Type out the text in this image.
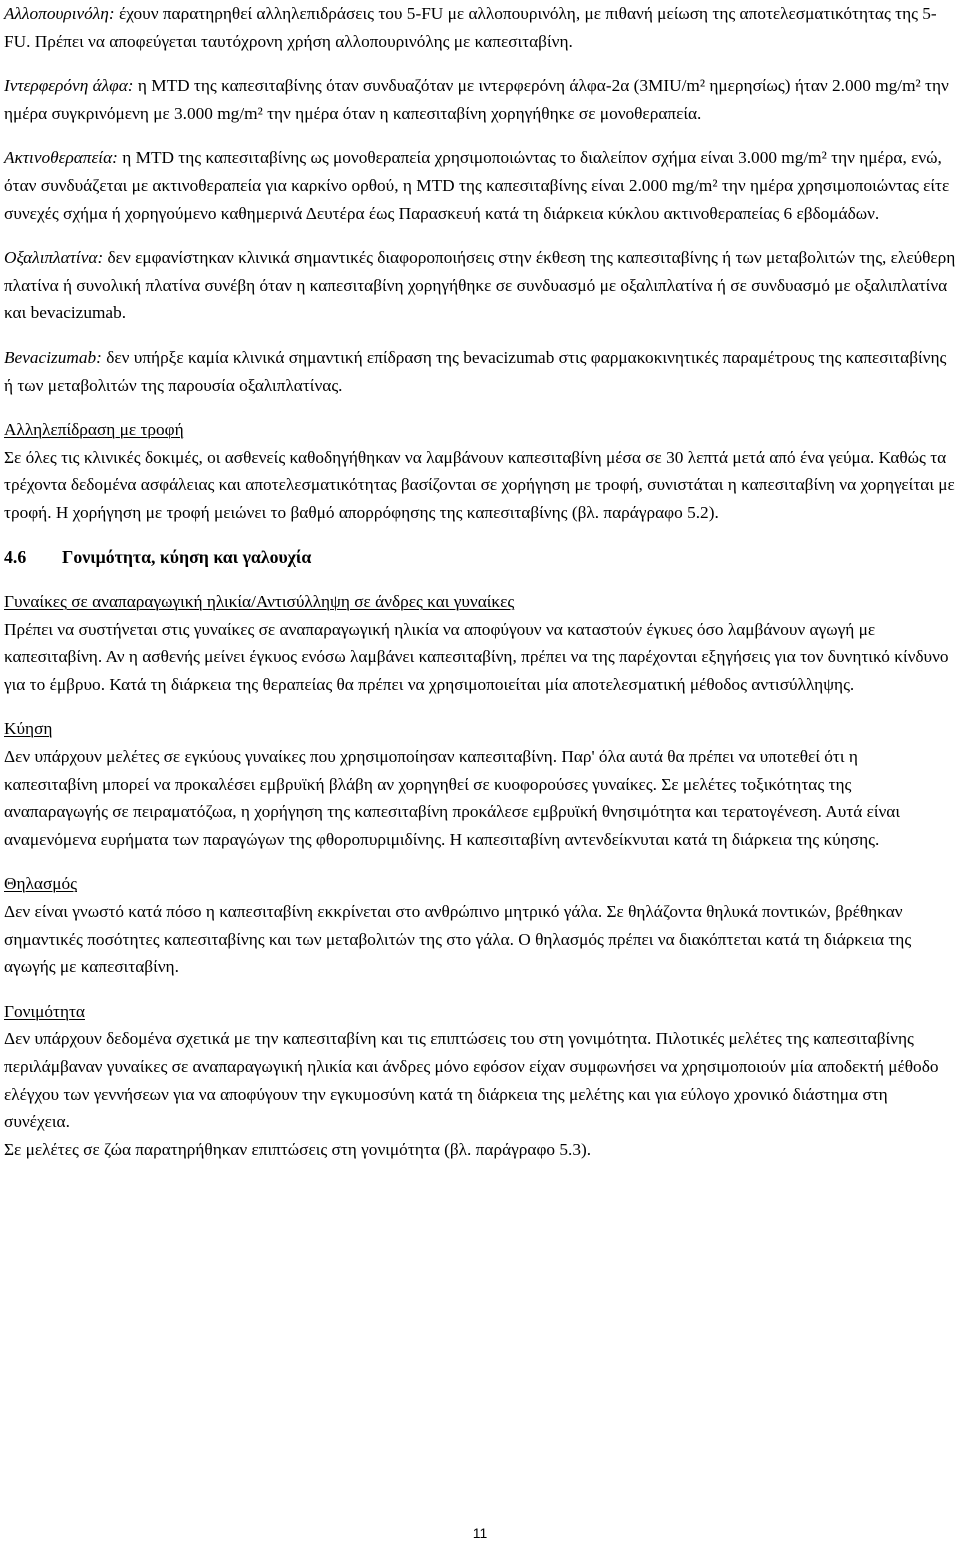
Αλλοπουρινόλη: έχουν παρατηρηθεί αλληλεπιδράσεις του 5-FU με αλλοπουρινόλη, με πιθανή μείωση της αποτελεσματικότητας της 5-FU. Πρέπει να αποφεύγεται ταυτόχρονη χρήση αλλοπουρινόλης με καπεσιταβίνη.

Ιντερφερόνη άλφα: η MTD της καπεσιταβίνης όταν συνδυαζόταν με ιντερφερόνη άλφα-2α (3MIU/m² ημερησίως) ήταν 2.000 mg/m² την ημέρα συγκρινόμενη με 3.000 mg/m² την ημέρα όταν η καπεσιταβίνη χορηγήθηκε σε μονοθεραπεία.

Ακτινοθεραπεία: η MTD της καπεσιταβίνης ως μονοθεραπεία χρησιμοποιώντας το διαλείπον σχήμα είναι 3.000 mg/m² την ημέρα, ενώ, όταν συνδυάζεται με ακτινοθεραπεία για καρκίνο ορθού, η MTD της καπεσιταβίνης είναι 2.000 mg/m² την ημέρα χρησιμοποιώντας είτε συνεχές σχήμα ή χορηγούμενο καθημερινά Δευτέρα έως Παρασκευή κατά τη διάρκεια κύκλου ακτινοθεραπείας 6 εβδομάδων.

Οξαλιπλατίνα: δεν εμφανίστηκαν κλινικά σημαντικές διαφοροποιήσεις στην έκθεση της καπεσιταβίνης ή των μεταβολιτών της, ελεύθερη πλατίνα ή συνολική πλατίνα συνέβη όταν η καπεσιταβίνη χορηγήθηκε σε συνδυασμό με οξαλιπλατίνα ή σε συνδυασμό με οξαλιπλατίνα και bevacizumab.

Bevacizumab: δεν υπήρξε καμία κλινικά σημαντική επίδραση της bevacizumab στις φαρμακοκινητικές παραμέτρους της καπεσιταβίνης ή των μεταβολιτών της παρουσία οξαλιπλατίνας.

Αλληλεπίδραση με τροφή

Σε όλες τις κλινικές δοκιμές, οι ασθενείς καθοδηγήθηκαν να λαμβάνουν καπεσιταβίνη μέσα σε 30 λεπτά μετά από ένα γεύμα. Καθώς τα τρέχοντα δεδομένα ασφάλειας και αποτελεσματικότητας βασίζονται σε χορήγηση με τροφή, συνιστάται η καπεσιταβίνη να χορηγείται με τροφή. Η χορήγηση με τροφή μειώνει το βαθμό απορρόφησης της καπεσιταβίνης (βλ. παράγραφο 5.2).

4.6 Γονιμότητα, κύηση και γαλουχία

Γυναίκες σε αναπαραγωγική ηλικία/Αντισύλληψη σε άνδρες και γυναίκες

Πρέπει να συστήνεται στις γυναίκες σε αναπαραγωγική ηλικία να αποφύγουν να καταστούν έγκυες όσο λαμβάνουν αγωγή με καπεσιταβίνη. Αν η ασθενής μείνει έγκυος ενόσω λαμβάνει καπεσιταβίνη, πρέπει να της παρέχονται εξηγήσεις για τον δυνητικό κίνδυνο για το έμβρυο. Κατά τη διάρκεια της θεραπείας θα πρέπει να χρησιμοποιείται μία αποτελεσματική μέθοδος αντισύλληψης.

Κύηση

Δεν υπάρχουν μελέτες σε εγκύους γυναίκες που χρησιμοποίησαν καπεσιταβίνη. Παρ' όλα αυτά θα πρέπει να υποτεθεί ότι η καπεσιταβίνη μπορεί να προκαλέσει εμβρυϊκή βλάβη αν χορηγηθεί σε κυοφορούσες γυναίκες. Σε μελέτες τοξικότητας της αναπαραγωγής σε πειραματόζωα, η χορήγηση της καπεσιταβίνη προκάλεσε εμβρυϊκή θνησιμότητα και τερατογένεση. Αυτά είναι αναμενόμενα ευρήματα των παραγώγων της φθοροπυριμιδίνης. Η καπεσιταβίνη αντενδείκνυται κατά τη διάρκεια της κύησης.

Θηλασμός

Δεν είναι γνωστό κατά πόσο η καπεσιταβίνη εκκρίνεται στο ανθρώπινο μητρικό γάλα. Σε θηλάζοντα θηλυκά ποντικών, βρέθηκαν σημαντικές ποσότητες καπεσιταβίνης και των μεταβολιτών της στο γάλα. Ο θηλασμός πρέπει να διακόπτεται κατά τη διάρκεια της αγωγής με καπεσιταβίνη.

Γονιμότητα

Δεν υπάρχουν δεδομένα σχετικά με την καπεσιταβίνη και τις επιπτώσεις του στη γονιμότητα. Πιλοτικές μελέτες της καπεσιταβίνης περιλάμβαναν γυναίκες σε αναπαραγωγική ηλικία και άνδρες μόνο εφόσον είχαν συμφωνήσει να χρησιμοποιούν μία αποδεκτή μέθοδο ελέγχου των γεννήσεων για να αποφύγουν την εγκυμοσύνη κατά τη διάρκεια της μελέτης και για εύλογο χρονικό διάστημα στη συνέχεια.

Σε μελέτες σε ζώα παρατηρήθηκαν επιπτώσεις στη γονιμότητα (βλ. παράγραφο 5.3).

11
